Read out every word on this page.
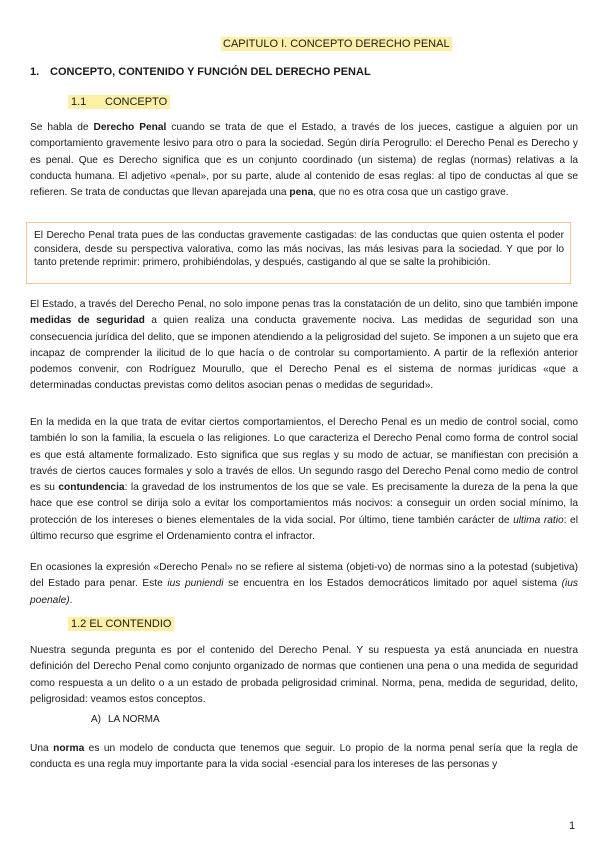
CAPITULO I. CONCEPTO DERECHO PENAL
1. CONCEPTO, CONTENIDO Y FUNCIÓN DEL DERECHO PENAL
1.1 CONCEPTO

Se habla de Derecho Penal cuando se trata de que el Estado, a través de los jueces, castigue a alguien por un comportamiento gravemente lesivo para otro o para la sociedad. Según diría Perogrullo: el Derecho Penal es Derecho y es penal. Que es Derecho significa que es un conjunto coordinado (un sistema) de reglas (normas) relativas a la conducta humana. El adjetivo «penal», por su parte, alude al contenido de esas reglas: al tipo de conductas al que se refieren. Se trata de conductas que llevan aparejada una pena, que no es otra cosa que un castigo grave.

El Derecho Penal trata pues de las conductas gravemente castigadas: de las conductas que quien ostenta el poder considera, desde su perspectiva valorativa, como las más nocivas, las más lesivas para la sociedad. Y que por lo tanto pretende reprimir: primero, prohibiéndolas, y después, castigando al que se salte la prohibición.

El Estado, a través del Derecho Penal, no solo impone penas tras la constatación de un delito, sino que también impone medidas de seguridad a quien realiza una conducta gravemente nociva. Las medidas de seguridad son una consecuencia jurídica del delito, que se imponen atendiendo a la peligrosidad del sujeto. Se imponen a un sujeto que era incapaz de comprender la ilicitud de lo que hacía o de controlar su comportamiento. A partir de la reflexión anterior podemos convenir, con Rodríguez Mourullo, que el Derecho Penal es el sistema de normas jurídicas «que a determinadas conductas previstas como delitos asocian penas o medidas de seguridad».

En la medida en la que trata de evitar ciertos comportamientos, el Derecho Penal es un medio de control social, como también lo son la familia, la escuela o las religiones. Lo que caracteriza el Derecho Penal como forma de control social es que está altamente formalizado. Esto significa que sus reglas y su modo de actuar, se manifiestan con precisión a través de ciertos cauces formales y solo a través de ellos. Un segundo rasgo del Derecho Penal como medio de control es su contundencia: la gravedad de los instrumentos de los que se vale. Es precisamente la dureza de la pena la que hace que ese control se dirija solo a evitar los comportamientos más nocivos: a conseguir un orden social mínimo, la protección de los intereses o bienes elementales de la vida social. Por último, tiene también carácter de ultima ratio: el último recurso que esgrime el Ordenamiento contra el infractor.

En ocasiones la expresión «Derecho Penal» no se refiere al sistema (objeti-vo) de normas sino a la potestad (subjetiva) del Estado para penar. Este ius puniendi se encuentra en los Estados democráticos limitado por aquel sistema (ius poenale).

1.2 EL CONTENDIO

Nuestra segunda pregunta es por el contenido del Derecho Penal. Y su respuesta ya está anunciada en nuestra definición del Derecho Penal como conjunto organizado de normas que contienen una pena o una medida de seguridad como respuesta a un delito o a un estado de probada peligrosidad criminal. Norma, pena, medida de seguridad, delito, peligrosidad: veamos estos conceptos.

A) LA NORMA

Una norma es un modelo de conducta que tenemos que seguir. Lo propio de la norma penal sería que la regla de conducta es una regla muy importante para la vida social -esencial para los intereses de las personas y

1
